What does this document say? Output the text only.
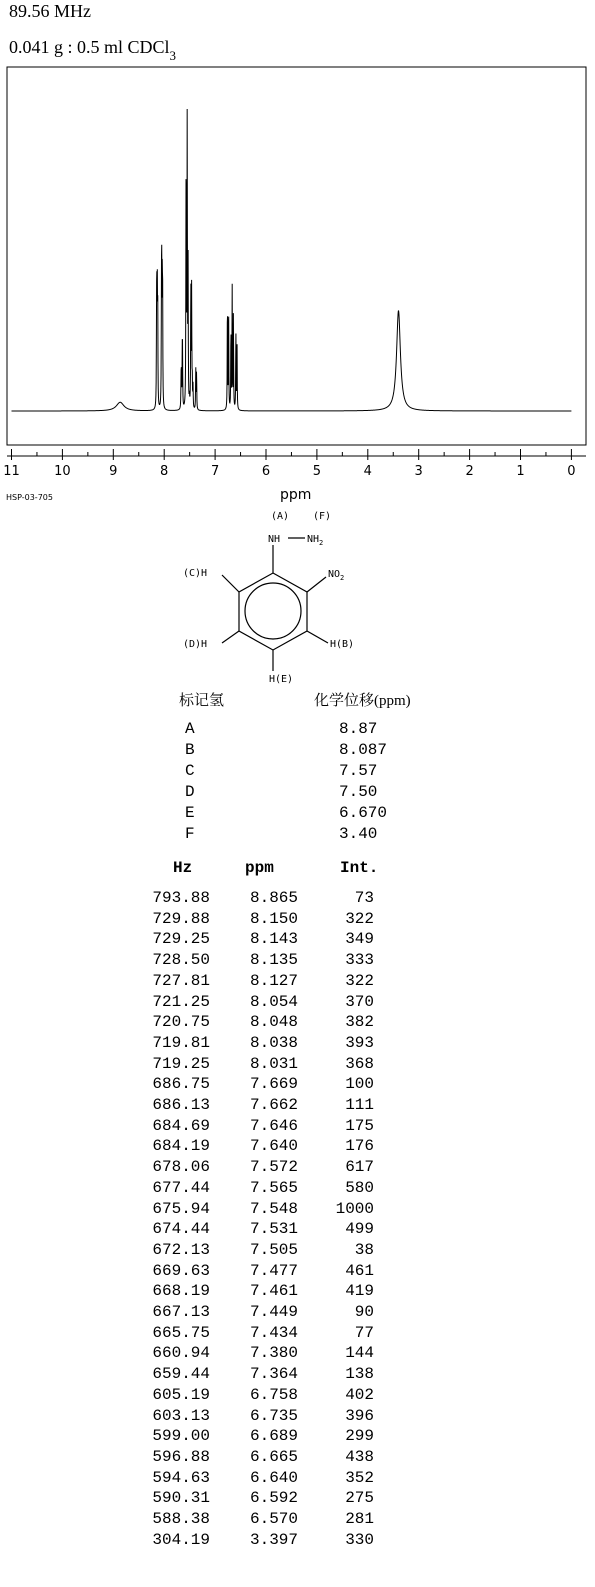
89.56 MHz
0.041 g : 0.5 ml CDCl$_3$
11	10	9	8	7	6	5	4	3	2	1	0
HSP-03-705	ppm
(A) (F)
NH	$NH_2$
$NO_2$
(C)H
(D)H	H(B)
H(E)
标记氢	化学位移(ppm)
A	8.87
B	8.087
C	7.57
D	7.50
E	6.670
F	3.40
Hz	ppm	Int.
793.88	8.865	73
729.88	8.150	322
729.25	8.143	349
728.50	8.135	333
727.81	8.127	322
721.25	8.054	370
720.75	8.048	382
719.81	8.038	393
719.25	8.031	368
686.75	7.669	100
686.13	7.662	111
684.69	7.646	175
684.19	7.640	176
678.06	7.572	617
677.44	7.565	580
675.94	7.548	1000
674.44	7.531	499
672.13	7.505	38
669.63	7.477	461
668.19	7.461	419
667.13	7.449	90
665.75	7.434	77
660.94	7.380	144
659.44	7.364	138
605.19	6.758	402
603.13	6.735	396
599.00	6.689	299
596.88	6.665	438
594.63	6.640	352
590.31	6.592	275
588.38	6.570	281
304.19	3.397	330
